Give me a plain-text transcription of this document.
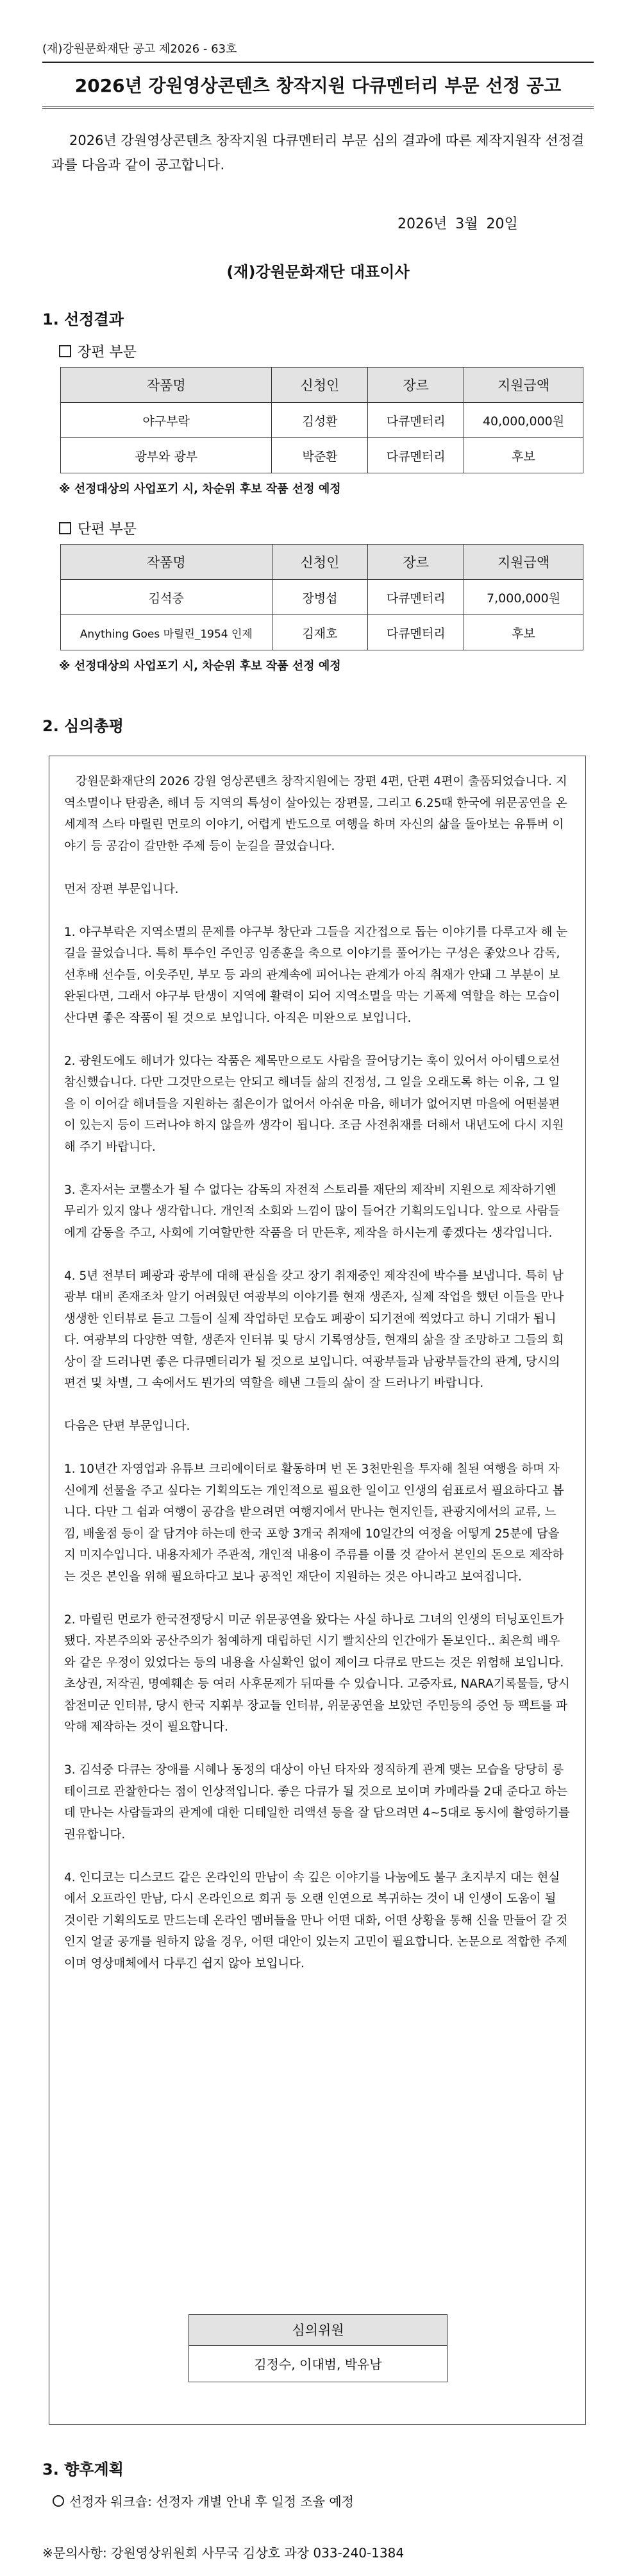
(재)강원문화재단 공고 제2026 - 63호
2026년 강원영상콘텐츠 창작지원 다큐멘터리 부문 선정 공고
2026년 강원영상콘텐츠 창작지원 다큐멘터리 부문 심의 결과에 따른 제작지원작 선정결과를 다음과 같이 공고합니다.
2026년 3월 20일
(재)강원문화재단 대표이사
1. 선정결과
장편 부문
작품명	신청인	장르	지원금액
야구부락	김성환	다큐멘터리	40,000,000원
광부와 광부	박준환	다큐멘터리	후보
※ 선정대상의 사업포기 시, 차순위 후보 작품 선정 예정
단편 부문
작품명	신청인	장르	지원금액
김석중	장병섭	다큐멘터리	7,000,000원
Anything Goes 마릴린_1954 인제	김재호	다큐멘터리	후보
※ 선정대상의 사업포기 시, 차순위 후보 작품 선정 예정
2. 심의총평

강원문화재단의 2026 강원 영상콘텐츠 창작지원에는 장편 4편, 단편 4편이 출품되었습니다. 지역소멸이나 탄광촌, 해녀 등 지역의 특성이 살아있는 장편물, 그리고 6.25때 한국에 위문공연을 온 세계적 스타 마릴린 먼로의 이야기, 어렵게 반도으로 여행을 하며 자신의 삶을 돌아보는 유튜버 이야기 등 공감이 갈만한 주제 등이 눈길을 끌었습니다.

먼저 장편 부문입니다.

1. 야구부락은 지역소멸의 문제를 야구부 창단과 그들을 지간접으로 돕는 이야기를 다루고자 해 눈길을 끌었습니다. 특히 투수인 주인공 임종훈을 축으로 이야기를 풀어가는 구성은 좋았으나 감독, 선후배 선수들, 이웃주민, 부모 등 과의 관계속에 피어나는 관계가 아직 취재가 안돼 그 부분이 보완된다면, 그래서 야구부 탄생이 지역에 활력이 되어 지역소멸을 막는 기폭제 역할을 하는 모습이 산다면 좋은 작품이 될 것으로 보입니다. 아직은 미완으로 보입니다.

2. 광원도에도 해녀가 있다는 작품은 제목만으로도 사람을 끌어당기는 훅이 있어서 아이템으로선 참신했습니다. 다만 그것만으로는 안되고 해녀들 삶의 진정성, 그 일을 오래도록 하는 이유, 그 일을 이 이어갈 해녀들을 지원하는 젊은이가 없어서 아쉬운 마음, 해녀가 없어지면 마을에 어떤불편이 있는지 등이 드러나야 하지 않을까 생각이 됩니다. 조금 사전취재를 더해서 내년도에 다시 지원해 주기 바랍니다.

3. 혼자서는 코뿔소가 될 수 없다는 감독의 자전적 스토리를 재단의 제작비 지원으로 제작하기엔 무리가 있지 않나 생각합니다. 개인적 소회와 느낌이 많이 들어간 기획의도입니다. 앞으로 사람들에게 감동을 주고, 사회에 기여할만한 작품을 더 만든후, 제작을 하시는게 좋겠다는 생각입니다.

4. 5년 전부터 폐광과 광부에 대해 관심을 갖고 장기 취재중인 제작진에 박수를 보냅니다. 특히 남광부 대비 존재조차 알기 어려웠던 여광부의 이야기를 현재 생존자, 실제 작업을 했던 이들을 만나 생생한 인터뷰로 듣고 그들이 실제 작업하던 모습도 폐광이 되기전에 찍었다고 하니 기대가 됩니다. 여광부의 다양한 역할, 생존자 인터뷰 및 당시 기록영상들, 현재의 삶을 잘 조망하고 그들의 회상이 잘 드러나면 좋은 다큐멘터리가 될 것으로 보입니다. 여광부들과 남광부들간의 관계, 당시의 편견 및 차별, 그 속에서도 뭔가의 역할을 해낸 그들의 삶이 잘 드러나기 바랍니다.

다음은 단편 부문입니다.

1. 10년간 자영업과 유튜브 크리에이터로 활동하며 번 돈 3천만원을 투자해 칠된 여행을 하며 자신에게 선물을 주고 싶다는 기획의도는 개인적으로 필요한 일이고 인생의 쉼표로서 필요하다고 봅니다. 다만 그 쉼과 여행이 공감을 받으려면 여행지에서 만나는 현지인들, 관광지에서의 교류, 느낌, 배울점 등이 잘 담겨야 하는데 한국 포항 3개국 취재에 10일간의 여정을 어떻게 25분에 담을지 미지수입니다. 내용자체가 주관적, 개인적 내용이 주류를 이룰 것 같아서 본인의 돈으로 제작하는 것은 본인을 위해 필요하다고 보나 공적인 재단이 지원하는 것은 아니라고 보여집니다.

2. 마릴린 먼로가 한국전쟁당시 미군 위문공연을 왔다는 사실 하나로 그녀의 인생의 터닝포인트가 됐다. 자본주의와 공산주의가 첨예하게 대립하던 시기 빨치산의 인간애가 돋보인다.. 최은희 배우와 같은 우정이 있었다는 등의 내용을 사실확인 없이 제이크 다큐로 만드는 것은 위험해 보입니다. 초상권, 저작권, 명예훼손 등 여러 사후문제가 뒤따를 수 있습니다. 고증자료, NARA기록물들, 당시 참전미군 인터뷰, 당시 한국 지휘부 장교들 인터뷰, 위문공연을 보았던 주민등의 증언 등 팩트를 파악해 제작하는 것이 필요합니다.

3. 김석중 다큐는 장애를 시혜나 동정의 대상이 아닌 타자와 정직하게 관계 맺는 모습을 당당히 롱테이크로 관찰한다는 점이 인상적입니다. 좋은 다큐가 될 것으로 보이며 카메라를 2대 준다고 하는데 만나는 사람들과의 관계에 대한 디테일한 리액션 등을 잘 담으려면 4~5대로 동시에 촬영하기를 권유합니다.

4. 인디코는 디스코드 같은 온라인의 만남이 속 깊은 이야기를 나눔에도 불구 초지부지 대는 현실에서 오프라인 만남, 다시 온라인으로 회귀 등 오랜 인연으로 복귀하는 것이 내 인생이 도움이 될 것이란 기획의도로 만드는데 온라인 멤버들을 만나 어떤 대화, 어떤 상황을 통해 신을 만들어 갈 것인지 얼굴 공개를 원하지 않을 경우, 어떤 대안이 있는지 고민이 필요합니다. 논문으로 적합한 주제이며 영상매체에서 다루긴 쉽지 않아 보입니다.

심의위원
김정수, 이대범, 박유남
3. 향후계획
선정자 워크숍: 선정자 개별 안내 후 일정 조율 예정
※문의사항: 강원영상위원회 사무국 김상호 과장 033-240-1384
